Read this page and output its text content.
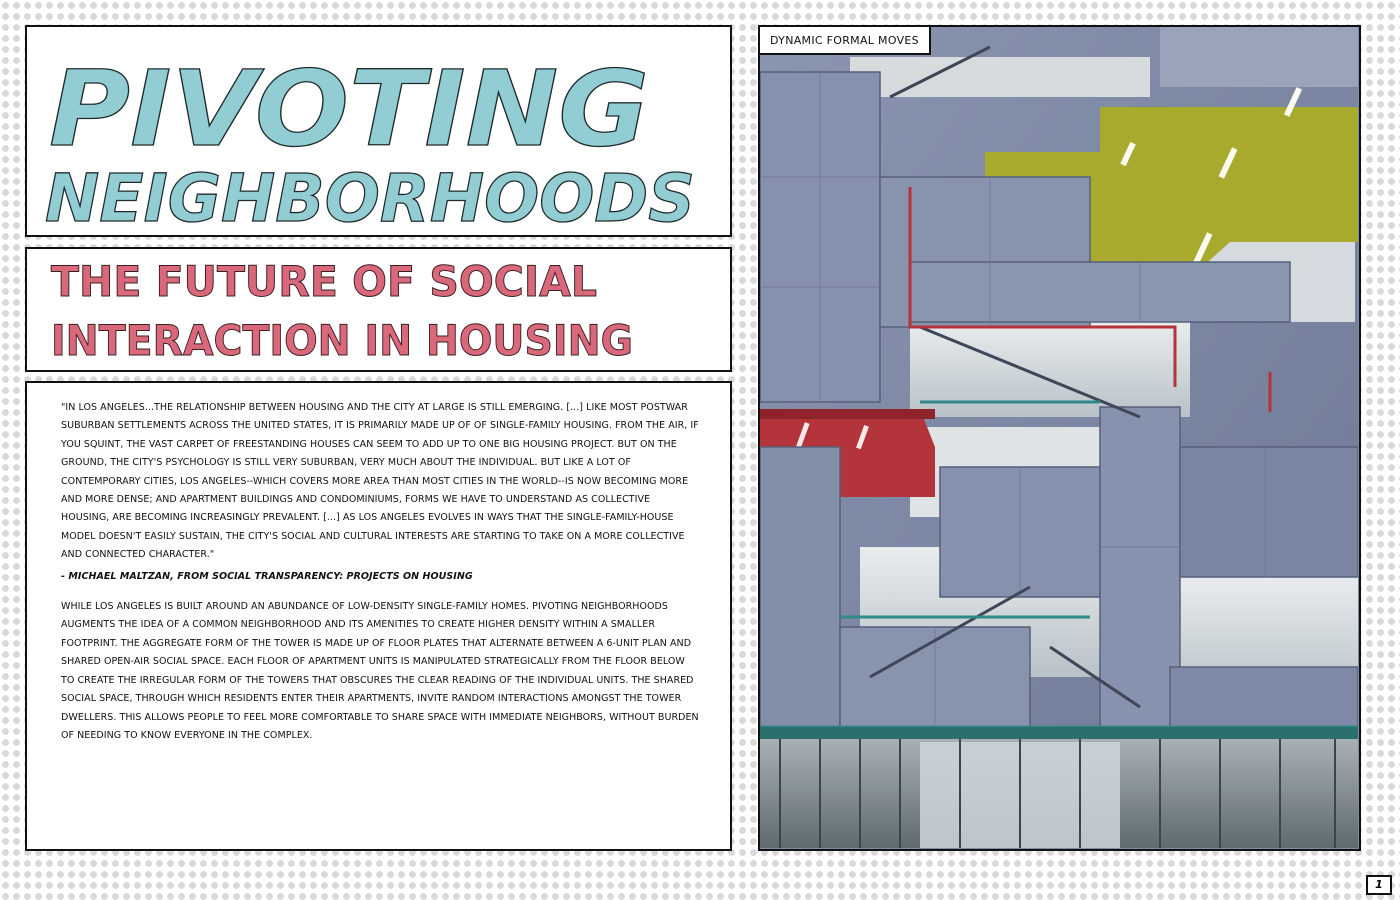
PIVOTING
NEIGHBORHOODS
THE FUTURE OF SOCIAL
INTERACTION IN HOUSING

"IN LOS ANGELES...THE RELATIONSHIP BETWEEN HOUSING AND THE CITY AT LARGE IS STILL EMERGING. [...] LIKE MOST POSTWAR SUBURBAN SETTLEMENTS ACROSS THE UNITED STATES, IT IS PRIMARILY MADE UP OF OF SINGLE-FAMILY HOUSING. FROM THE AIR, IF YOU SQUINT, THE VAST CARPET OF FREESTANDING HOUSES CAN SEEM TO ADD UP TO ONE BIG HOUSING PROJECT. BUT ON THE GROUND, THE CITY'S PSYCHOLOGY IS STILL VERY SUBURBAN, VERY MUCH ABOUT THE INDIVIDUAL. BUT LIKE A LOT OF CONTEMPORARY CITIES, LOS ANGELES--WHICH COVERS MORE AREA THAN MOST CITIES IN THE WORLD--IS NOW BECOMING MORE AND MORE DENSE; AND APARTMENT BUILDINGS AND CONDOMINIUMS, FORMS WE HAVE TO UNDERSTAND AS COLLECTIVE HOUSING, ARE BECOMING INCREASINGLY PREVALENT. [...] AS LOS ANGELES EVOLVES IN WAYS THAT THE SINGLE-FAMILY-HOUSE MODEL DOESN'T EASILY SUSTAIN, THE CITY'S SOCIAL AND CULTURAL INTERESTS ARE STARTING TO TAKE ON A MORE COLLECTIVE AND CONNECTED CHARACTER."

- MICHAEL MALTZAN, FROM SOCIAL TRANSPARENCY: PROJECTS ON HOUSING

WHILE LOS ANGELES IS BUILT AROUND AN ABUNDANCE OF LOW-DENSITY SINGLE-FAMILY HOMES. PIVOTING NEIGHBORHOODS AUGMENTS THE IDEA OF A COMMON NEIGHBORHOOD AND ITS AMENITIES TO CREATE HIGHER DENSITY WITHIN A SMALLER FOOTPRINT. THE AGGREGATE FORM OF THE TOWER IS MADE UP OF FLOOR PLATES THAT ALTERNATE BETWEEN A 6-UNIT PLAN AND SHARED OPEN-AIR SOCIAL SPACE. EACH FLOOR OF APARTMENT UNITS IS MANIPULATED STRATEGICALLY FROM THE FLOOR BELOW TO CREATE THE IRREGULAR FORM OF THE TOWERS THAT OBSCURES THE CLEAR READING OF THE INDIVIDUAL UNITS. THE SHARED SOCIAL SPACE, THROUGH WHICH RESIDENTS ENTER THEIR APARTMENTS, INVITE RANDOM INTERACTIONS AMONGST THE TOWER DWELLERS. THIS ALLOWS PEOPLE TO FEEL MORE COMFORTABLE TO SHARE SPACE WITH IMMEDIATE NEIGHBORS, WITHOUT BURDEN OF NEEDING TO KNOW EVERYONE IN THE COMPLEX.

DYNAMIC FORMAL MOVES
1
